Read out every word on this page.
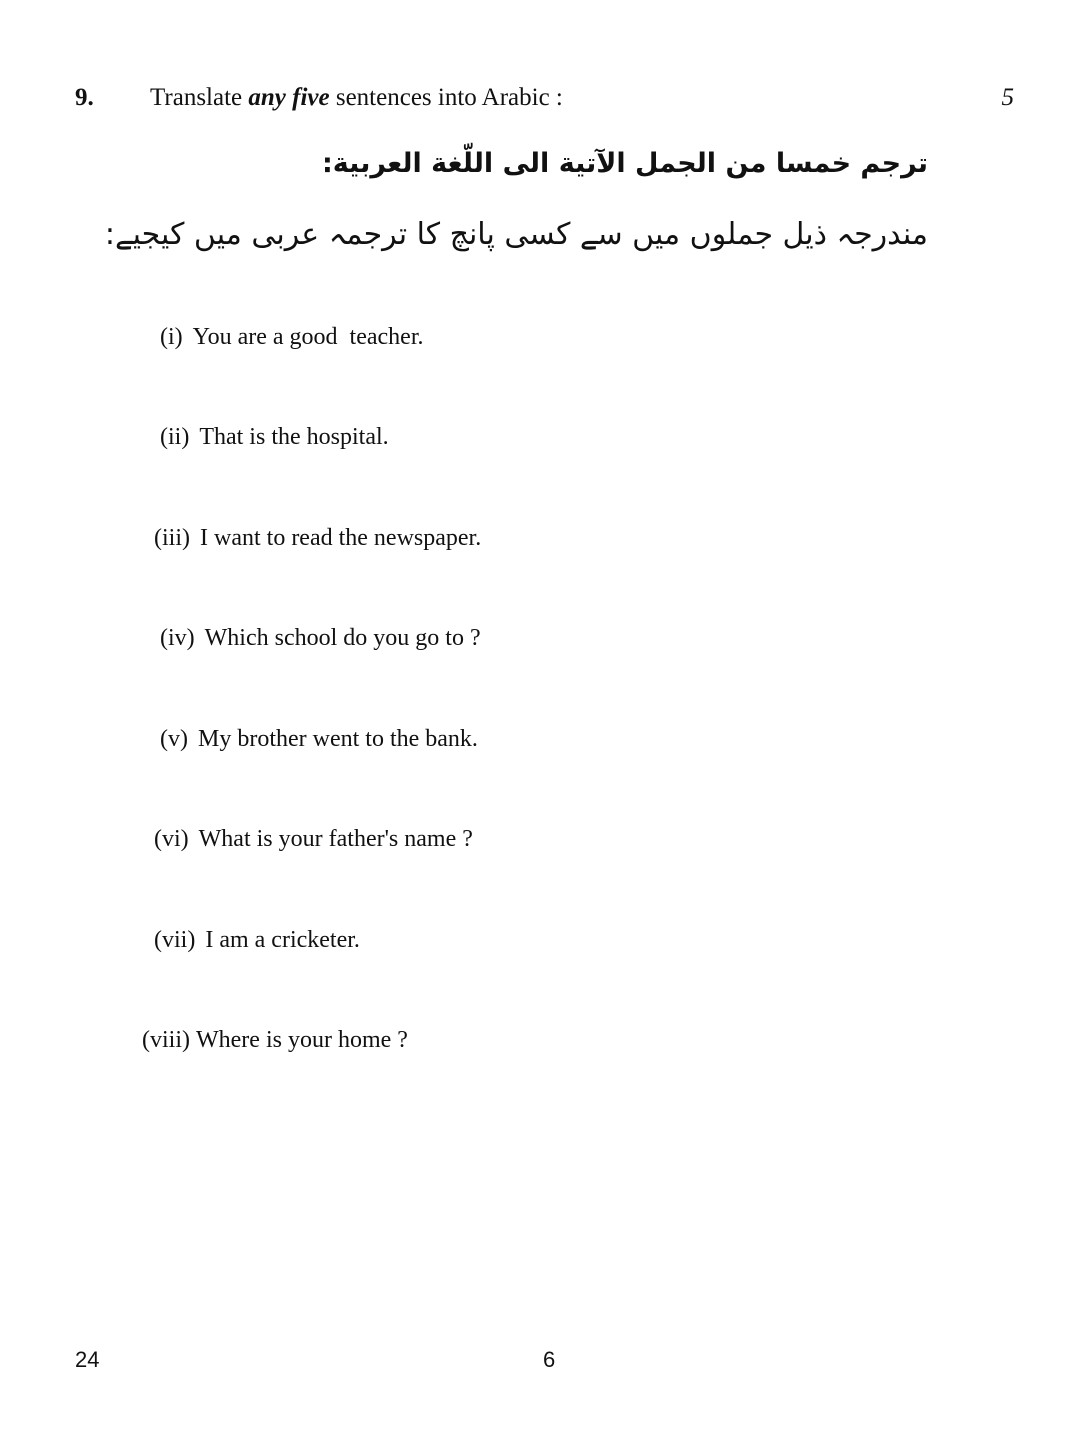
9. Translate any five sentences into Arabic :	5
ترجم خمسا من الجمل الآتية الى اللّغة العربية:
مندرجہ ذیل جملوں میں سے کسی پانچ کا ترجمہ عربی میں کیجیے:
(i) You are a good  teacher.
(ii) That is the hospital.
(iii) I want to read the newspaper.
(iv) Which school do you go to ?
(v) My brother went to the bank.
(vi) What is your father's name ?
(vii) I am a cricketer.
(viii) Where is your home ?
24	6
